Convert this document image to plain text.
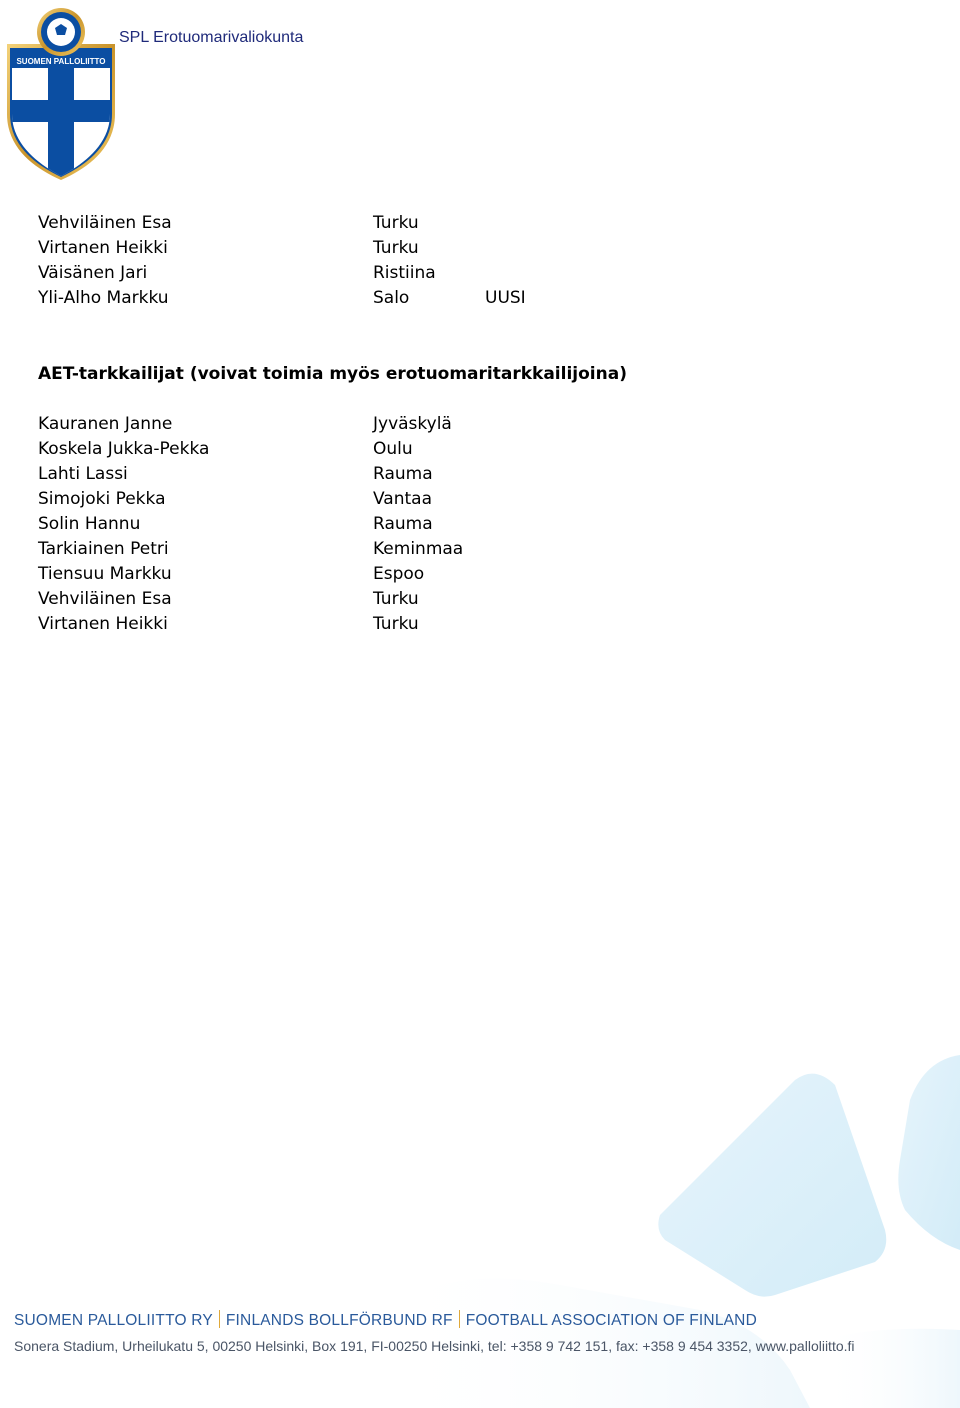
SUOMEN PALLOLIITTO
SPL Erotuomarivaliokunta
Vehviläinen Esa	Turku
Virtanen Heikki	Turku
Väisänen Jari	Ristiina
Yli-Alho Markku	Salo	UUSI
AET-tarkkailijat (voivat toimia myös erotuomaritarkkailijoina)
Kauranen Janne	Jyväskylä
Koskela Jukka-Pekka	Oulu
Lahti Lassi	Rauma
Simojoki Pekka	Vantaa
Solin Hannu	Rauma
Tarkiainen Petri	Keminmaa
Tiensuu Markku	Espoo
Vehviläinen Esa	Turku
Virtanen Heikki	Turku
SUOMEN PALLOLIITTO RY FINLANDS BOLLFÖRBUND RF FOOTBALL ASSOCIATION OF FINLAND
Sonera Stadium, Urheilukatu 5, 00250 Helsinki, Box 191, FI-00250 Helsinki, tel: +358 9 742 151, fax: +358 9 454 3352, www.palloliitto.fi
